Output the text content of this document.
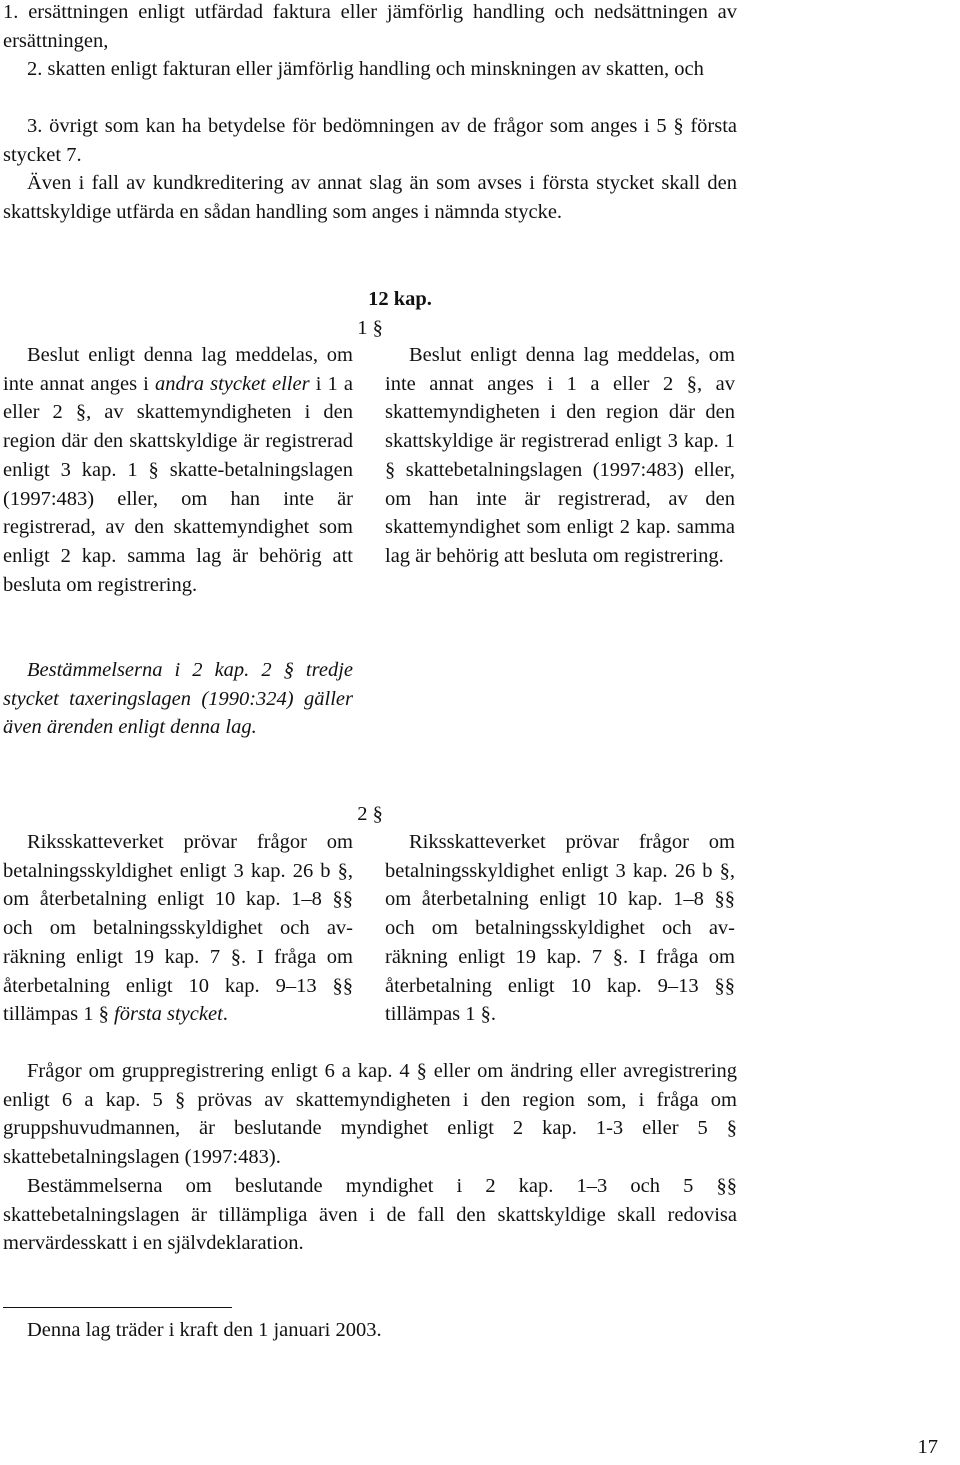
1. ersättningen enligt utfärdad faktura eller jämförlig handling och nedsättningen av ersättningen,
2. skatten enligt fakturan eller jämförlig handling och minskningen av skatten, och
3. övrigt som kan ha betydelse för bedömningen av de frågor som anges i 5 § första stycket 7.
Även i fall av kundkreditering av annat slag än som avses i första stycket skall den skattskyldige utfärda en sådan handling som anges i nämnda stycke.
12 kap.
1 §
Beslut enligt denna lag meddelas, om inte annat anges i andra stycket eller i 1 a eller 2 §, av skattemyndigheten i den region där den skattskyldige är registrerad enligt 3 kap. 1 § skatte-betalningslagen (1997:483) eller, om han inte är registrerad, av den skattemyndighet som enligt 2 kap. samma lag är behörig att besluta om registrering.
Bestämmelserna i 2 kap. 2 § tredje stycket taxeringslagen (1990:324) gäller även ärenden enligt denna lag.
Beslut enligt denna lag meddelas, om inte annat anges i 1 a eller 2 §, av skattemyndigheten i den region där den skattskyldige är registrerad enligt 3 kap. 1 § skattebetalningslagen (1997:483) eller, om han inte är registrerad, av den skattemyndighet som enligt 2 kap. samma lag är behörig att besluta om registrering.
2 §
Riksskatteverket prövar frågor om betalningsskyldighet enligt 3 kap. 26 b §, om återbetalning enligt 10 kap. 1–8 §§ och om betalningsskyldighet och av-räkning enligt 19 kap. 7 §. I fråga om återbetalning enligt 10 kap. 9–13 §§ tillämpas 1 § första stycket.
Riksskatteverket prövar frågor om betalningsskyldighet enligt 3 kap. 26 b §, om återbetalning enligt 10 kap. 1–8 §§ och om betalningsskyldighet och av-räkning enligt 19 kap. 7 §. I fråga om återbetalning enligt 10 kap. 9–13 §§ tillämpas 1 §.
Frågor om gruppregistrering enligt 6 a kap. 4 § eller om ändring eller avregistrering enligt 6 a kap. 5 § prövas av skattemyndigheten i den region som, i fråga om gruppshuvudmannen, är beslutande myndighet enligt 2 kap. 1-3 eller 5 § skattebetalningslagen (1997:483).
Bestämmelserna om beslutande myndighet i 2 kap. 1–3 och 5 §§ skattebetalningslagen är tillämpliga även i de fall den skattskyldige skall redovisa mervärdesskatt i en självdeklaration.
Denna lag träder i kraft den 1 januari 2003.
17
